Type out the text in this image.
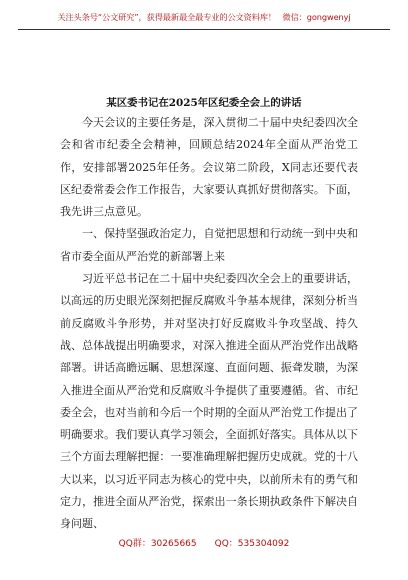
关注头条号“公文研究”，获得最新最全最专业的公文资料库！ 微信：gongwenyj
某区委书记在2025年区纪委全会上的讲话

今天会议的主要任务是，深入贯彻二十届中央纪委四次全会和省市纪委全会精神，回顾总结2024年全面从严治党工作，安排部署2025年任务。会议第二阶段，X同志还要代表区纪委常委会作工作报告，大家要认真抓好贯彻落实。下面，我先讲三点意见。

一、保持坚强政治定力，自觉把思想和行动统一到中央和省市委全面从严治党的新部署上来

习近平总书记在二十届中央纪委四次全会上的重要讲话，以高远的历史眼光深刻把握反腐败斗争基本规律，深刻分析当前反腐败斗争形势，并对坚决打好反腐败斗争攻坚战、持久战、总体战提出明确要求，对深入推进全面从严治党作出战略部署。讲话高瞻远瞩、思想深邃、直面问题、振聋发聩，为深入推进全面从严治党和反腐败斗争提供了重要遵循。省、市纪委全会，也对当前和今后一个时期的全面从严治党工作提出了明确要求。我们要认真学习领会，全面抓好落实。具体从以下三个方面去理解把握：一要准确理解把握历史成就。党的十八大以来，以习近平同志为核心的党中央，以前所未有的勇气和定力，推进全面从严治党，探索出一条长期执政条件下解决自身问题、

QQ群：30265665 QQ：535304092
